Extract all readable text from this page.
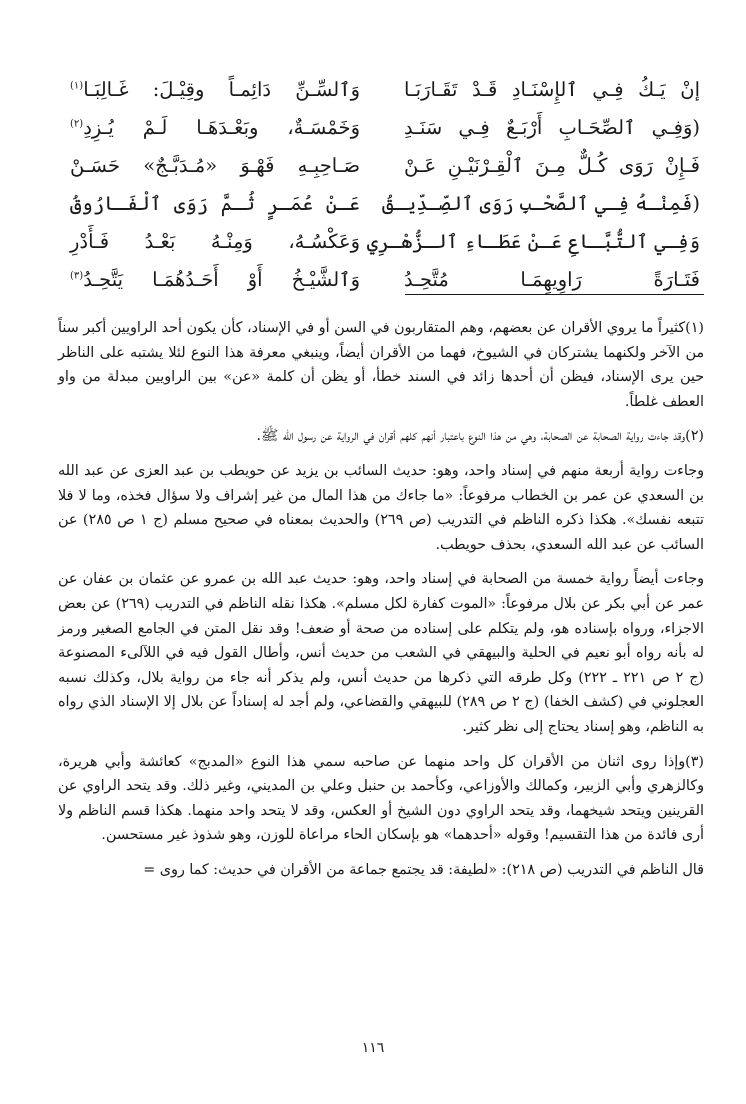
إنْ يَـكُ فِـي ٱلإِسْنَـادِ قَـدْ تَقَـارَبَـا
وَٱلسِّـنِّ دَائِمـاً وقِيْـلَ: غَـالِبَـا$^{(١)}$
(وَفِـي ٱلصِّحَـابِ أَرْبَـعٌ فِـي سَنَـدِ
وَخَمْسَـةٌ، وبَعْـدَهَـا لَـمْ يُـزِدِ$^{(٢)}$
فَـإِنْ رَوَى كُـلٌّ مِـنَ ٱلْقِـرْنَيْـنِ عَـنْ
صَـاحِبِـهِ فَهْـوَ «مُـدَبَّـجٌ» حَسَـنْ
(فَمِنْـهُ فِـي ٱلصَّحْـبِ رَوَى ٱلصِّـدِّيـقُ
عَـنْ عُمَـرٍ ثُـمَّ رَوَى ٱلْفَـارُوقُ
وَفِـي ٱلتُّبَّـاعِ عَـنْ عَطَـاءِ ٱلـزُّهْـرِي
وَعَكْسُـهُ، وَمِنْـهُ بَعْـدُ فَـأَدْرِ
فَتَـارَةً رَاوِيهِمَـا مُتَّحِـدُ
وَٱلشَّيْـخُ أَوْ أَحَـدُهُمَـا يَتَّحِـدُ$^{(٣)}$

(١)كثيراً ما يروي الأقران عن بعضهم، وهم المتقاربون في السن أو في الإسناد، كأن يكون أحد الراويين أكبر سناً من الآخر ولكنهما يشتركان في الشيوخ، فهما من الأقران أيضاً، وينبغي معرفة هذا النوع لئلا يشتبه على الناظر حين يرى الإسناد، فيظن أن أحدها زائد في السند خطأ، أو يظن أن كلمة «عن» بين الراويين مبدلة من واو العطف غلطاً.

(٢)وقد جاءت رواية الصحابة عن الصحابة، وهي من هذا النوع باعتبار أنهم كلهم أقران في الرواية عن رسول الله ﷺ.

وجاءت رواية أربعة منهم في إسناد واحد، وهو: حديث السائب بن يزيد عن حويطب بن عبد العزى عن عبد الله بن السعدي عن عمر بن الخطاب مرفوعاً: «ما جاءك من هذا المال من غير إشراف ولا سؤال فخذه، وما لا فلا تتبعه نفسك». هكذا ذكره الناظم في التدريب (ص ٢٦٩) والحديث بمعناه في صحيح مسلم (ج ١ ص ٢٨٥) عن السائب عن عبد الله السعدي، بحذف حويطب.

وجاءت أيضاً رواية خمسة من الصحابة في إسناد واحد، وهو: حديث عبد الله بن عمرو عن عثمان بن عفان عن عمر عن أبي بكر عن بلال مرفوعاً: «الموت كفارة لكل مسلم». هكذا نقله الناظم في التدريب (٢٦٩) عن بعض الاجزاء، ورواه بإسناده هو، ولم يتكلم على إسناده من صحة أو ضعف! وقد نقل المتن في الجامع الصغير ورمز له بأنه رواه أبو نعيم في الحلية والبيهقي في الشعب من حديث أنس، وأطال القول فيه في اللآلىء المصنوعة (ج ٢ ص ٢٢١ ـ ٢٢٢) وكل طرقه التي ذكرها من حديث أنس، ولم يذكر أنه جاء من رواية بلال، وكذلك نسبه العجلوني في (كشف الخفا) (ج ٢ ص ٢٨٩) للبيهقي والقضاعي، ولم أجد له إسناداً عن بلال إلا الإسناد الذي رواه به الناظم، وهو إسناد يحتاج إلى نظر كثير.

(٣)وإذا روى اثنان من الأقران كل واحد منهما عن صاحبه سمي هذا النوع «المدبج» كعائشة وأبي هريرة، وكالزهري وأبي الزبير، وكمالك والأوزاعي، وكأحمد بن حنبل وعلي بن المديني، وغير ذلك. وقد يتحد الراوي عن القرينين ويتحد شيخهما، وقد يتحد الراوي دون الشيخ أو العكس، وقد لا يتحد واحد منهما. هكذا قسم الناظم ولا أرى فائدة من هذا التقسيم! وقوله «أحدهما» هو بإسكان الحاء مراعاة للوزن، وهو شذوذ غير مستحسن.

قال الناظم في التدريب (ص ٢١٨): «لطيفة: قد يجتمع جماعة من الأقران في حديث: كما روى =

١١٦
